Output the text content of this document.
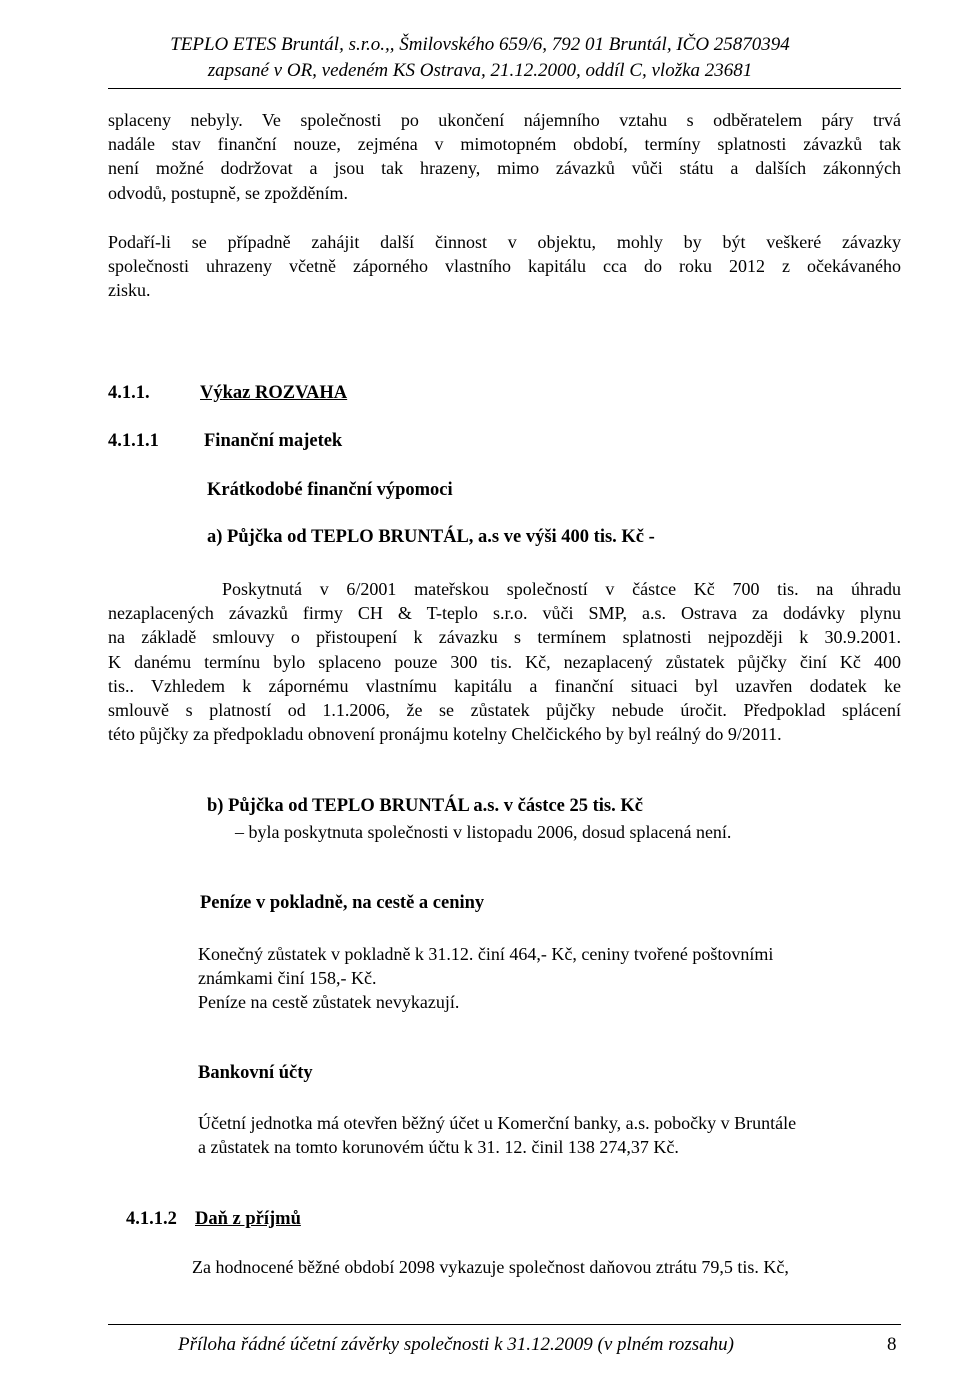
TEPLO ETES Bruntál, s.r.o.,, Šmilovského 659/6, 792 01 Bruntál, IČO 25870394
zapsané v OR, vedeném KS Ostrava, 21.12.2000, oddíl C, vložka 23681
splaceny nebyly. Ve společnosti po ukončení nájemního vztahu s odběratelem páry trvá
nadále stav finanční nouze, zejména v mimotopném období, termíny splatnosti závazků tak
není možné dodržovat a jsou tak hrazeny, mimo závazků vůči státu a dalších zákonných
odvodů, postupně, se zpožděním.
Podaří-li se případně zahájit další činnost v objektu, mohly by být veškeré závazky
společnosti uhrazeny včetně záporného vlastního kapitálu cca do roku 2012 z očekávaného
zisku.
4.1.1.	Výkaz ROZVAHA
4.1.1.1 Finanční majetek
Krátkodobé finanční výpomoci
a) Půjčka od TEPLO BRUNTÁL, a.s ve výši 400 tis. Kč -
Poskytnutá v 6/2001 mateřskou společností v částce Kč 700 tis. na úhradu
nezaplacených závazků firmy CH & T-teplo s.r.o. vůči SMP, a.s. Ostrava za dodávky plynu
na základě smlouvy o přistoupení k závazku s termínem splatnosti nejpozději k 30.9.2001.
K danému termínu bylo splaceno pouze 300 tis. Kč, nezaplacený zůstatek půjčky činí Kč 400
tis.. Vzhledem k zápornému vlastnímu kapitálu a finanční situaci byl uzavřen dodatek ke
smlouvě s platností od 1.1.2006, že se zůstatek půjčky nebude úročit. Předpoklad splácení
této půjčky za předpokladu obnovení pronájmu kotelny Chelčického by byl reálný do 9/2011.
b) Půjčka od TEPLO BRUNTÁL a.s. v částce 25 tis. Kč
– byla poskytnuta společnosti v listopadu 2006, dosud splacená není.
Peníze v pokladně, na cestě a ceniny
Konečný zůstatek v pokladně k 31.12. činí 464,- Kč, ceniny tvořené poštovními
známkami činí 158,- Kč.
Peníze na cestě zůstatek nevykazují.
Bankovní účty
Účetní jednotka má otevřen běžný účet u Komerční banky, a.s. pobočky v Bruntále
a zůstatek na tomto korunovém účtu k 31. 12. činil 138 274,37 Kč.
4.1.1.2 Daň z příjmů
Za hodnocené běžné období 2098 vykazuje společnost daňovou ztrátu 79,5 tis. Kč,
Příloha řádné účetní závěrky společnosti k 31.12.2009 (v plném rozsahu)	8
